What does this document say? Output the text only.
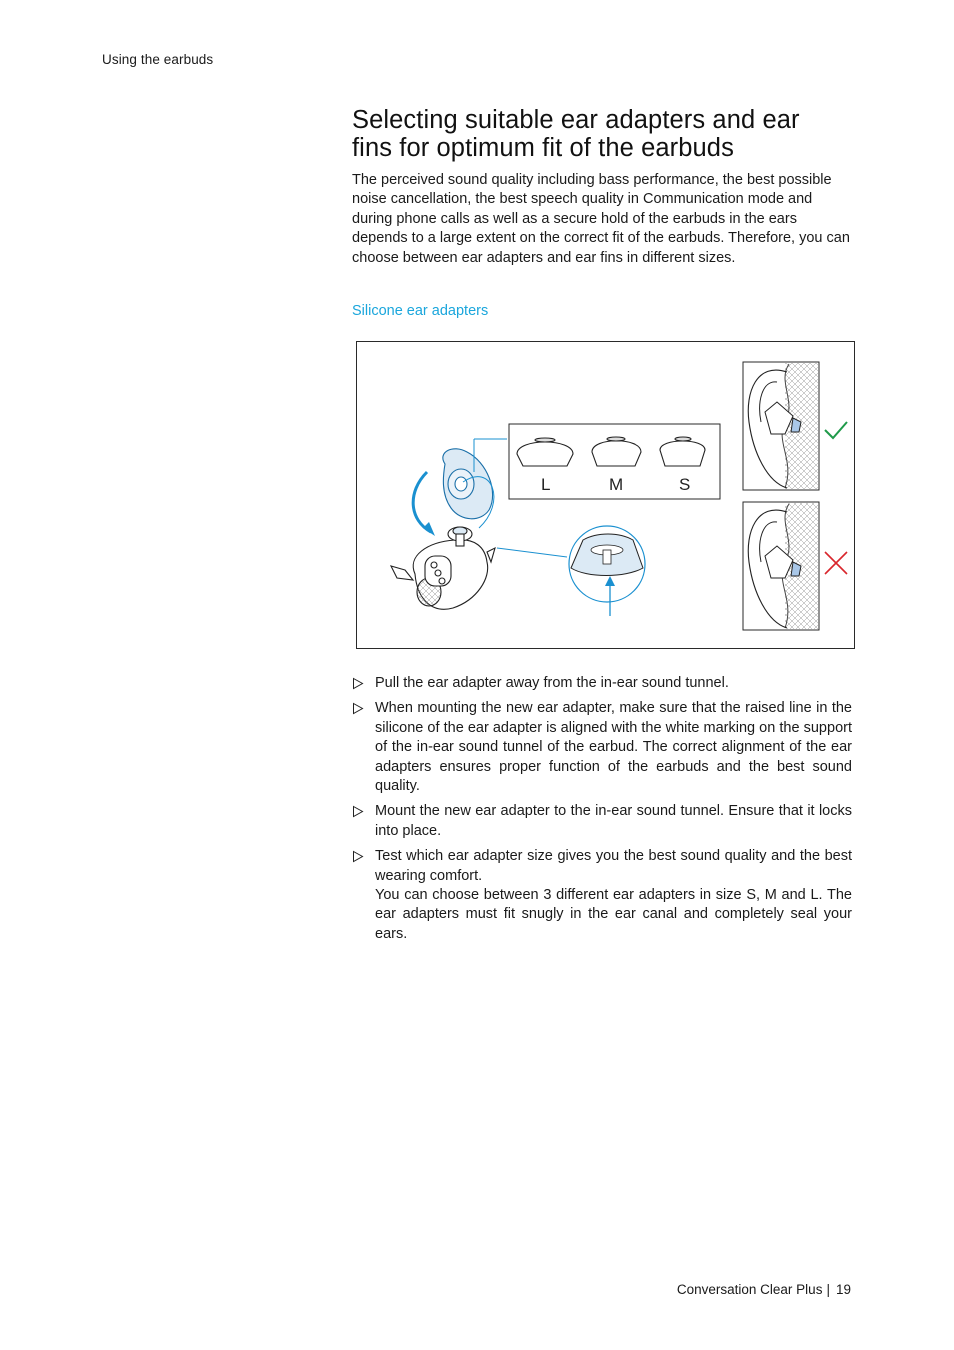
Using the earbuds
Selecting suitable ear adapters and ear
fins for optimum fit of the earbuds

The perceived sound quality including bass performance, the best possible noise cancellation, the best speech quality in Communication mode and during phone calls as well as a secure hold of the earbuds in the ears depends to a large extent on the correct fit of the earbuds. Therefore, you can choose between ear adapters and ear fins in different sizes.

Silicone ear adapters

L	M	S
Pull the ear adapter away from the in-ear sound tunnel.
When mounting the new ear adapter, make sure that the raised line in the silicone of the ear adapter is aligned with the white marking on the support of the in-ear sound tunnel of the earbud. The correct alignment of the ear adapters ensures proper function of the earbuds and the best sound quality.
Mount the new ear adapter to the in-ear sound tunnel. Ensure that it locks into place.
Test which ear adapter size gives you the best sound quality and the best wearing comfort.
You can choose between 3 different ear adapters in size S, M and L. The ear adapters must fit snugly in the ear canal and completely seal your ears.
Conversation Clear Plus | 19
